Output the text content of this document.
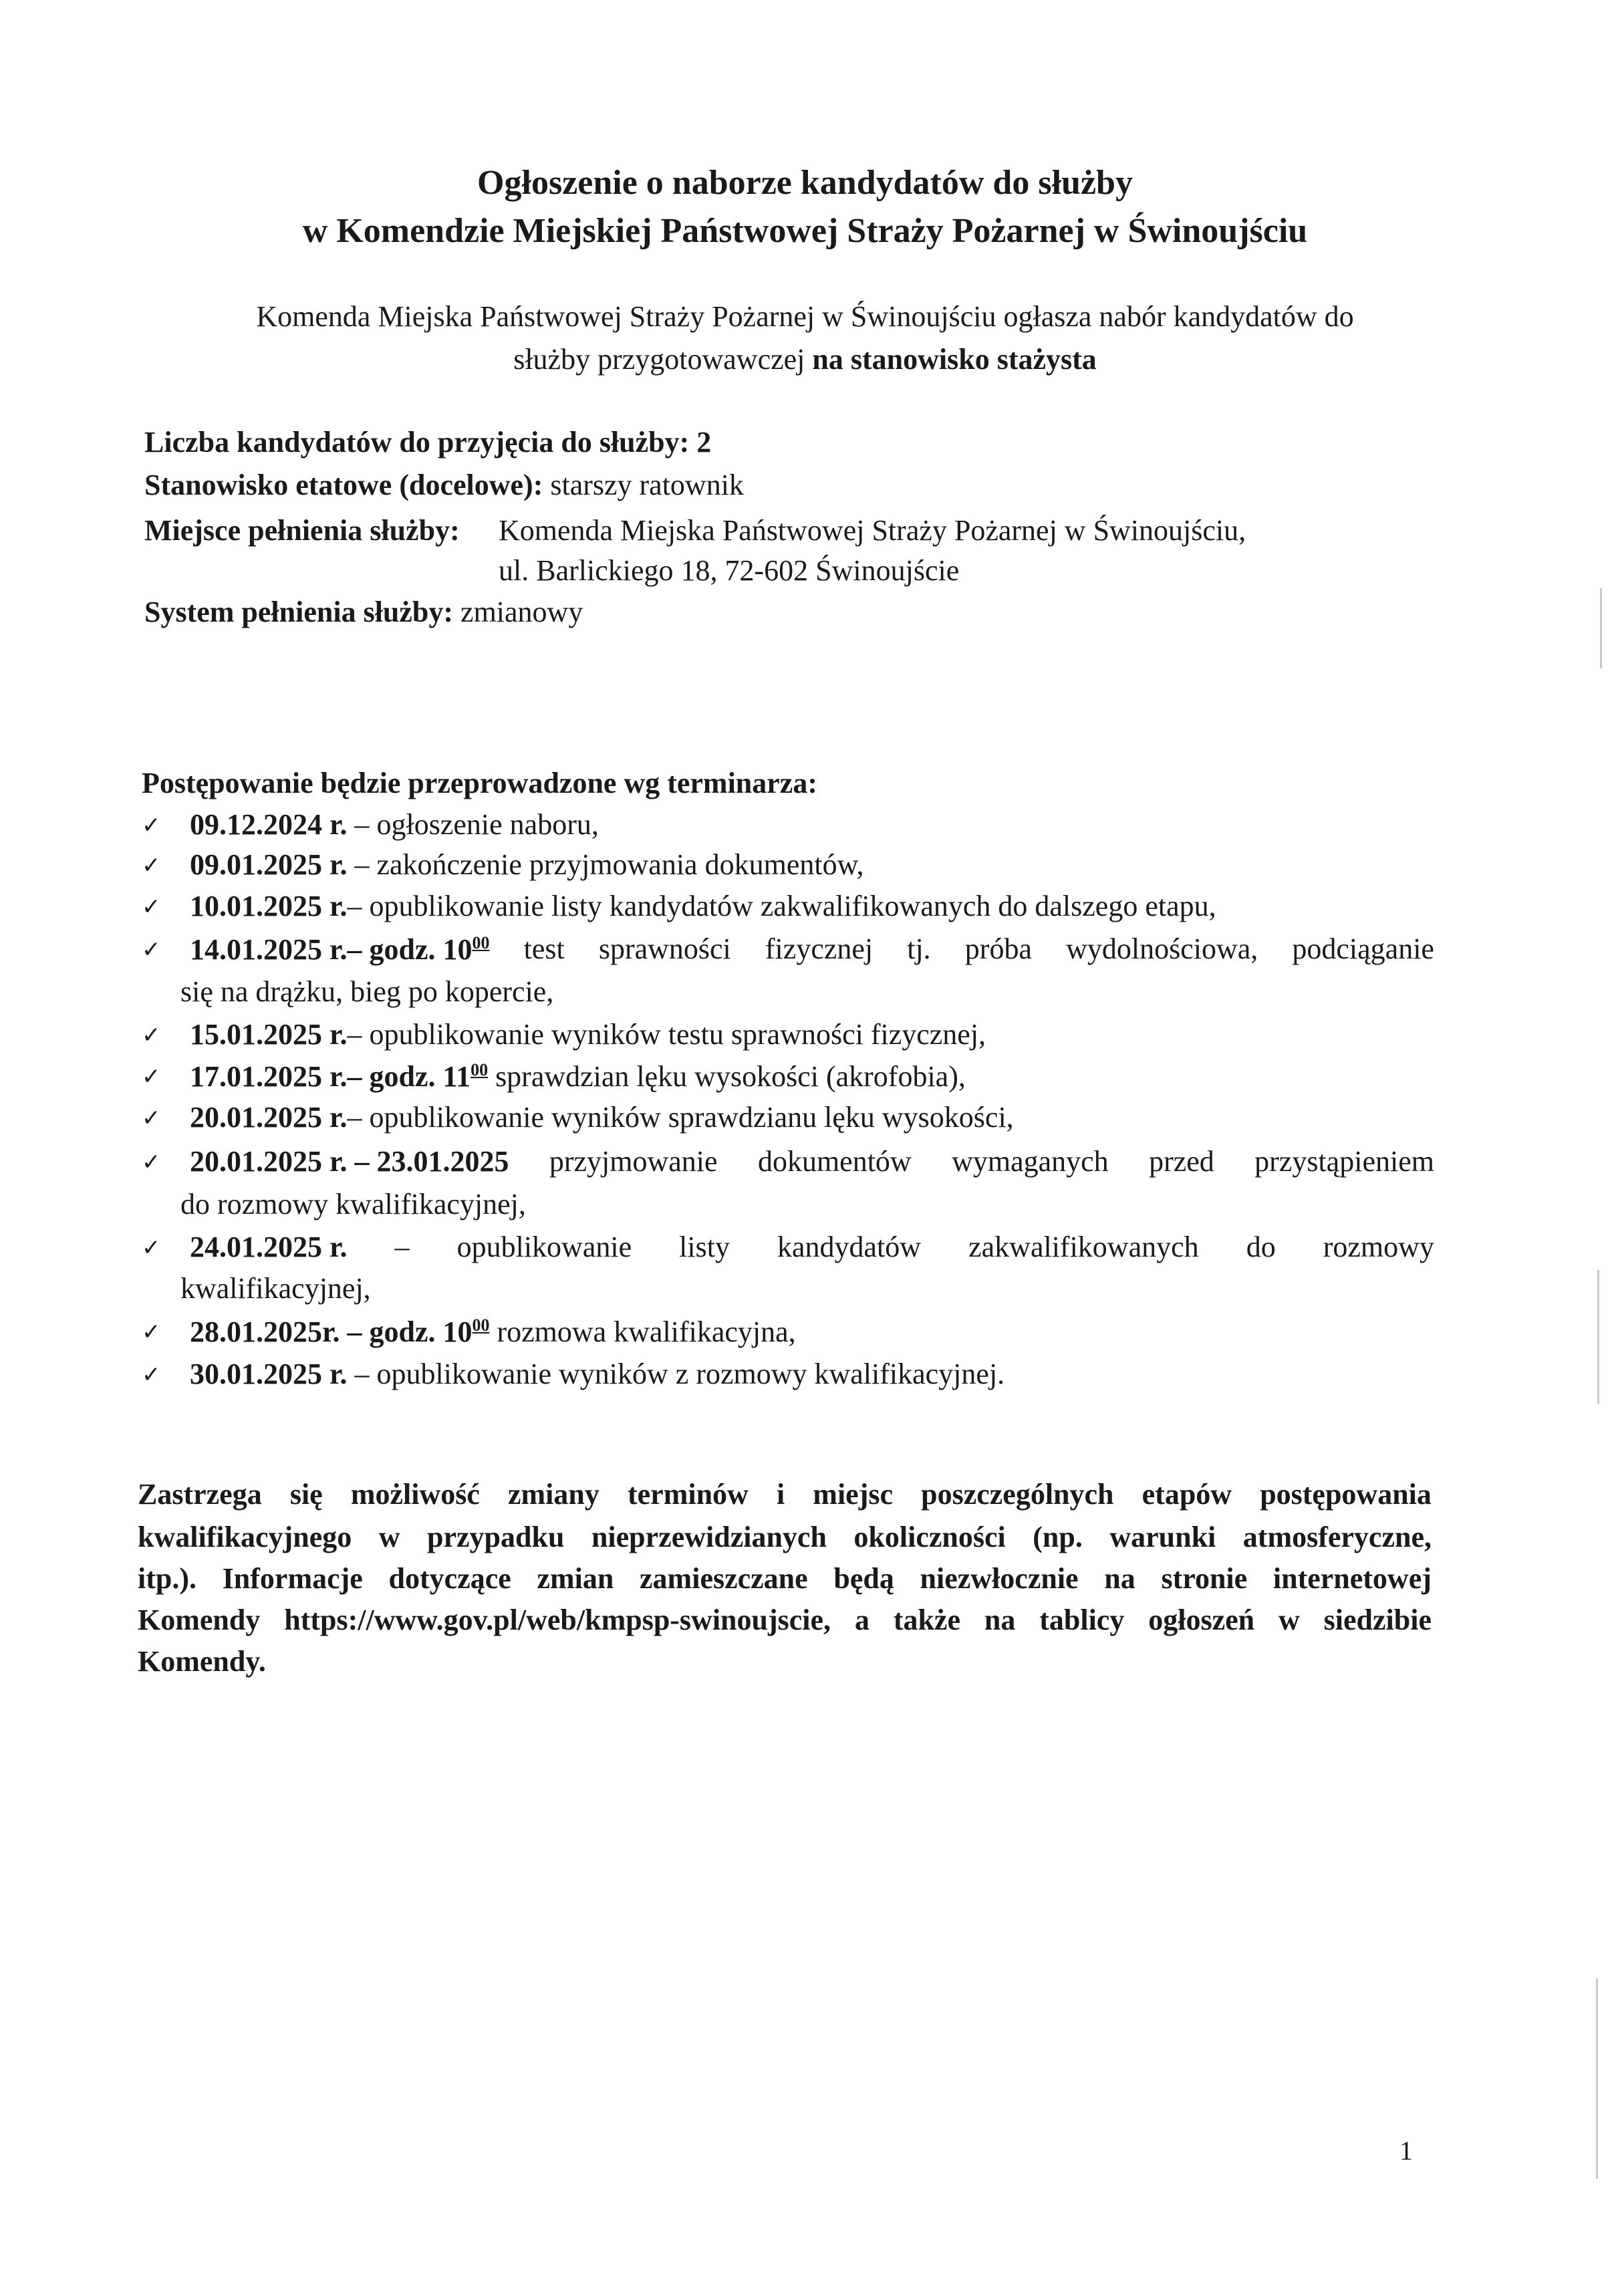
Ogłoszenie o naborze kandydatów do służby
w Komendzie Miejskiej Państwowej Straży Pożarnej w Świnoujściu
Komenda Miejska Państwowej Straży Pożarnej w Świnoujściu ogłasza nabór kandydatów do
służby przygotowawczej na stanowisko stażysta
Liczba kandydatów do przyjęcia do służby: 2
Stanowisko etatowe (docelowe): starszy ratownik
Miejsce pełnienia służby: Komenda Miejska Państwowej Straży Pożarnej w Świnoujściu,
ul. Barlickiego 18, 72-602 Świnoujście
System pełnienia służby: zmianowy
Postępowanie będzie przeprowadzone wg terminarza:
✓ 09.12.2024 r. – ogłoszenie naboru,
✓ 09.01.2025 r. – zakończenie przyjmowania dokumentów,
✓ 10.01.2025 r.– opublikowanie listy kandydatów zakwalifikowanych do dalszego etapu,
✓ 14.01.2025 r.– godz. $10^{00}$ test sprawności fizycznej tj. próba wydolnościowa, podciąganie
się na drążku, bieg po kopercie,
✓ 15.01.2025 r.– opublikowanie wyników testu sprawności fizycznej,
✓ 17.01.2025 r.– godz. $11^{00}$ sprawdzian lęku wysokości (akrofobia),
✓ 20.01.2025 r.– opublikowanie wyników sprawdzianu lęku wysokości,
✓ 20.01.2025 r. – 23.01.2025 przyjmowanie dokumentów wymaganych przed przystąpieniem
do rozmowy kwalifikacyjnej,
✓ 24.01.2025 r. – opublikowanie listy kandydatów zakwalifikowanych do rozmowy
kwalifikacyjnej,
✓ 28.01.2025r. – godz. $10^{00}$ rozmowa kwalifikacyjna,
✓ 30.01.2025 r. – opublikowanie wyników z rozmowy kwalifikacyjnej.
Zastrzega się możliwość zmiany terminów i miejsc poszczególnych etapów postępowania
kwalifikacyjnego w przypadku nieprzewidzianych okoliczności (np. warunki atmosferyczne,
itp.). Informacje dotyczące zmian zamieszczane będą niezwłocznie na stronie internetowej
Komendy https://www.gov.pl/web/kmpsp-swinoujscie, a także na tablicy ogłoszeń w siedzibie
Komendy.
1
